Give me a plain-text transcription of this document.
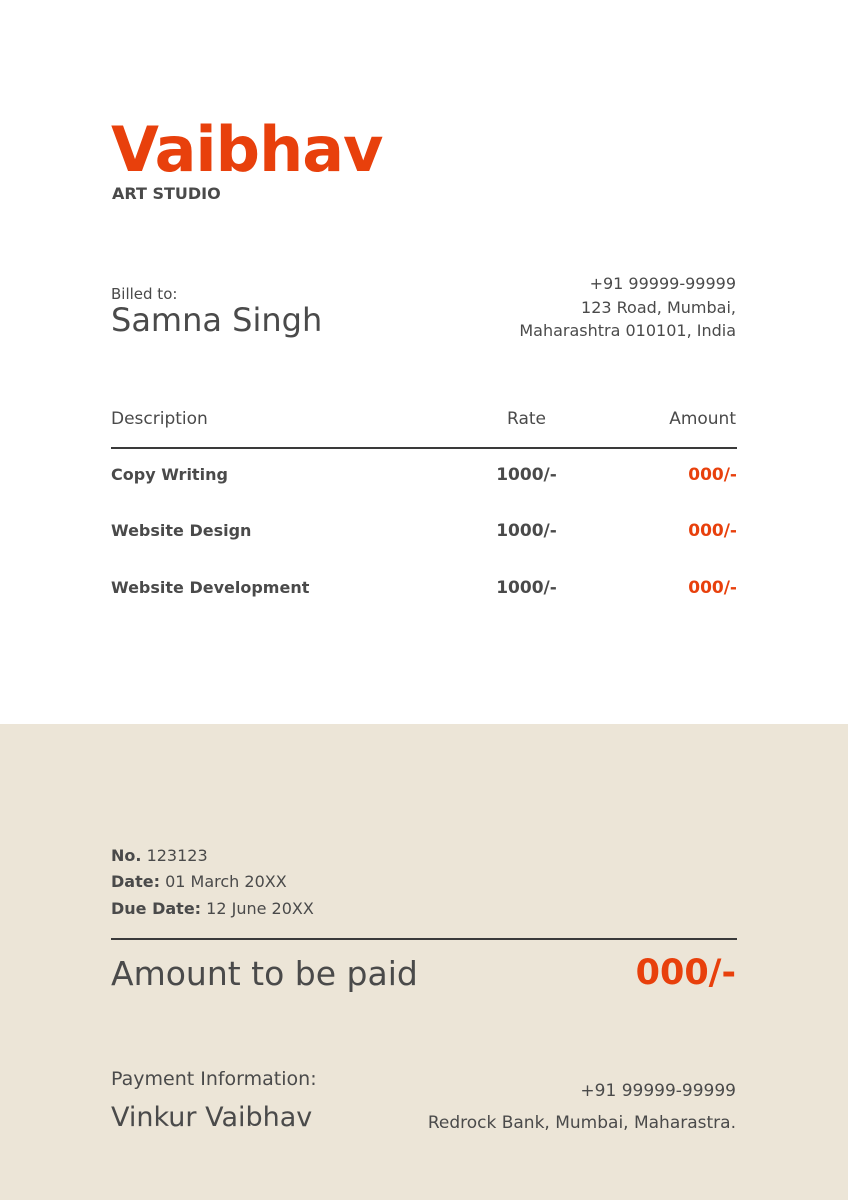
Vaibhav
ART STUDIO
Billed to:
Samna Singh
+91 99999-99999
123 Road, Mumbai,
Maharashtra 010101, India
Description	Rate	Amount
Copy Writing	1000/-	000/-
Website Design	1000/-	000/-
Website Development	1000/-	000/-
No. 123123
Date: 01 March 20XX
Due Date: 12 June 20XX
Amount to be paid	000/-
Payment Information:
Vinkur Vaibhav
+91 99999-99999
Redrock Bank, Mumbai, Maharastra.
